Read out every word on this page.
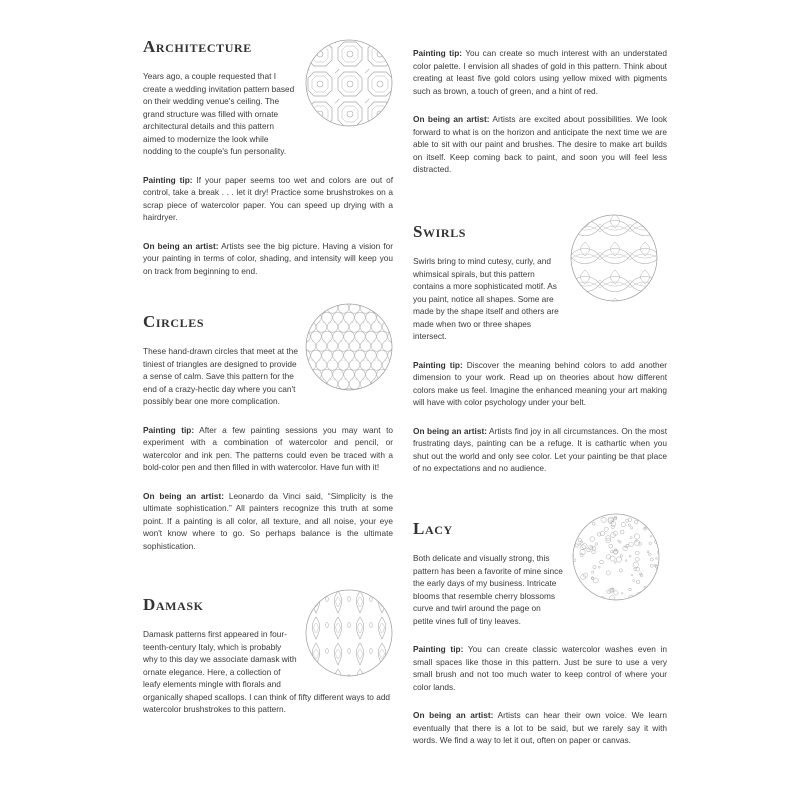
Architecture

Years ago, a couple requested that I create a wedding invitation pattern based on their wedding venue's ceiling. The grand structure was filled with ornate architectural details and this pattern aimed to modernize the look while nodding to the couple's fun personality.

Painting tip: If your paper seems too wet and colors are out of control, take a break . . . let it dry! Practice some brushstrokes on a scrap piece of watercolor paper. You can speed up drying with a hairdryer.

On being an artist: Artists see the big picture. Having a vision for your painting in terms of color, shading, and intensity will keep you on track from beginning to end.

Circles

These hand-drawn circles that meet at the tiniest of triangles are designed to provide a sense of calm. Save this pattern for the end of a crazy-hectic day where you can't possibly bear one more complication.

Painting tip: After a few painting sessions you may want to experiment with a combination of watercolor and pencil, or watercolor and ink pen. The patterns could even be traced with a bold-color pen and then filled in with watercolor. Have fun with it!

On being an artist: Leonardo da Vinci said, “Simplicity is the ultimate sophistication.” All painters recognize this truth at some point. If a painting is all color, all texture, and all noise, your eye won't know where to go. So perhaps balance is the ultimate sophistication.

Damask

Damask patterns first appeared in four-teenth-century Italy, which is probably why to this day we associate damask with ornate elegance. Here, a collection of leafy elements mingle with florals and organically shaped scallops. I can think of fifty different ways to add watercolor brushstrokes to this pattern.

Painting tip: You can create so much interest with an understated color palette. I envision all shades of gold in this pattern. Think about creating at least five gold colors using yellow mixed with pigments such as brown, a touch of green, and a hint of red.

On being an artist: Artists are excited about possibilities. We look forward to what is on the horizon and anticipate the next time we are able to sit with our paint and brushes. The desire to make art builds on itself. Keep coming back to paint, and soon you will feel less distracted.

Swirls

Swirls bring to mind cutesy, curly, and whimsical spirals, but this pattern contains a more sophisticated motif. As you paint, notice all shapes. Some are made by the shape itself and others are made when two or three shapes intersect.

Painting tip: Discover the meaning behind colors to add another dimension to your work. Read up on theories about how different colors make us feel. Imagine the enhanced meaning your art making will have with color psychology under your belt.

On being an artist: Artists find joy in all circumstances. On the most frustrating days, painting can be a refuge. It is cathartic when you shut out the world and only see color. Let your painting be that place of no expectations and no audience.

Lacy

Both delicate and visually strong, this pattern has been a favorite of mine since the early days of my business. Intricate blooms that resemble cherry blossoms curve and twirl around the page on petite vines full of tiny leaves.

Painting tip: You can create classic watercolor washes even in small spaces like those in this pattern. Just be sure to use a very small brush and not too much water to keep control of where your color lands.

On being an artist: Artists can hear their own voice. We learn eventually that there is a lot to be said, but we rarely say it with words. We find a way to let it out, often on paper or canvas.
